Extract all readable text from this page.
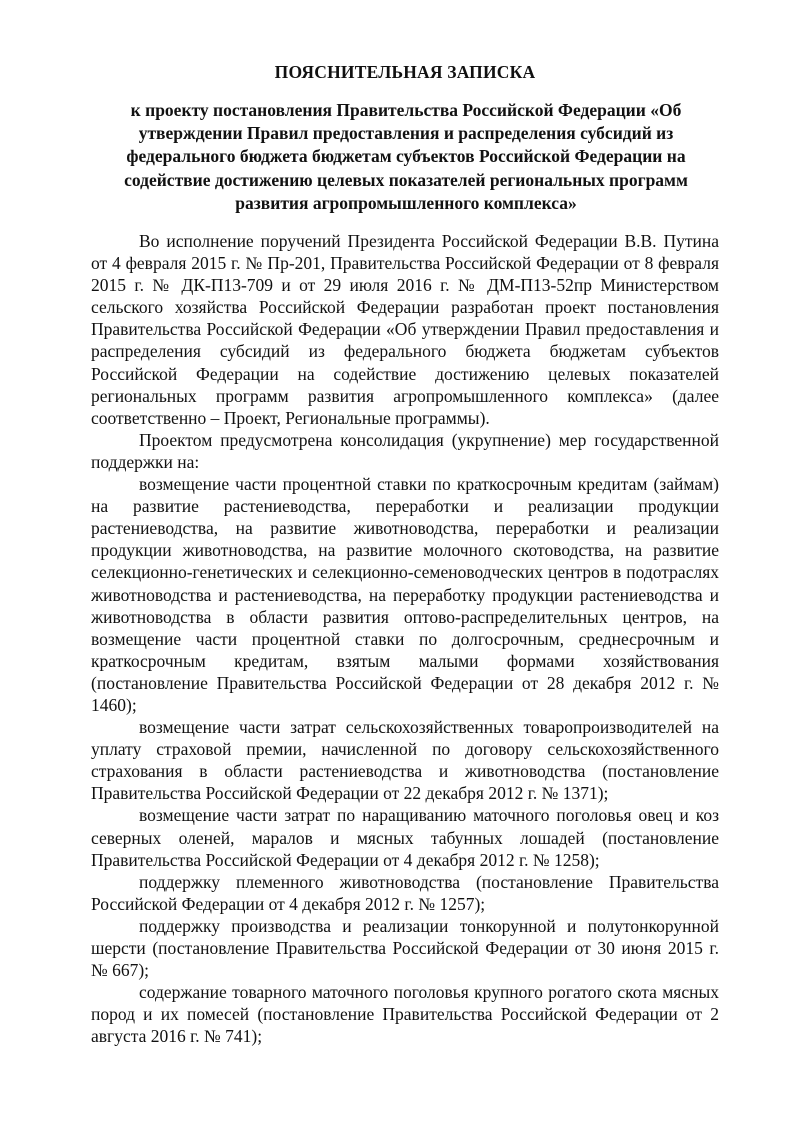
ПОЯСНИТЕЛЬНАЯ ЗАПИСКА
к проекту постановления Правительства Российской Федерации «Об утверждении Правил предоставления и распределения субсидий из федерального бюджета бюджетам субъектов Российской Федерации на содействие достижению целевых показателей региональных программ развития агропромышленного комплекса»

Во исполнение поручений Президента Российской Федерации В.В. Путина от 4 февраля 2015 г. № Пр-201, Правительства Российской Федерации от 8 февраля 2015 г. № ДК-П13-709 и от 29 июля 2016 г. № ДМ-П13-52пр Министерством сельского хозяйства Российской Федерации разработан проект постановления Правительства Российской Федерации «Об утверждении Правил предоставления и распределения субсидий из федерального бюджета бюджетам субъектов Российской Федерации на содействие достижению целевых показателей региональных программ развития агропромышленного комплекса» (далее соответственно – Проект, Региональные программы).

Проектом предусмотрена консолидация (укрупнение) мер государственной поддержки на:

возмещение части процентной ставки по краткосрочным кредитам (займам) на развитие растениеводства, переработки и реализации продукции растениеводства, на развитие животноводства, переработки и реализации продукции животноводства, на развитие молочного скотоводства, на развитие селекционно-генетических и селекционно-семеноводческих центров в подотраслях животноводства и растениеводства, на переработку продукции растениеводства и животноводства в области развития оптово-распределительных центров, на возмещение части процентной ставки по долгосрочным, среднесрочным и краткосрочным кредитам, взятым малыми формами хозяйствования (постановление Правительства Российской Федерации от 28 декабря 2012 г. № 1460);

возмещение части затрат сельскохозяйственных товаропроизводителей на уплату страховой премии, начисленной по договору сельскохозяйственного страхования в области растениеводства и животноводства (постановление Правительства Российской Федерации от 22 декабря 2012 г. № 1371);

возмещение части затрат по наращиванию маточного поголовья овец и коз северных оленей, маралов и мясных табунных лошадей (постановление Правительства Российской Федерации от 4 декабря 2012 г. № 1258);

поддержку племенного животноводства (постановление Правительства Российской Федерации от 4 декабря 2012 г. № 1257);

поддержку производства и реализации тонкорунной и полутонкорунной шерсти (постановление Правительства Российской Федерации от 30 июня 2015 г. № 667);

содержание товарного маточного поголовья крупного рогатого скота мясных пород и их помесей (постановление Правительства Российской Федерации от 2 августа 2016 г. № 741);
